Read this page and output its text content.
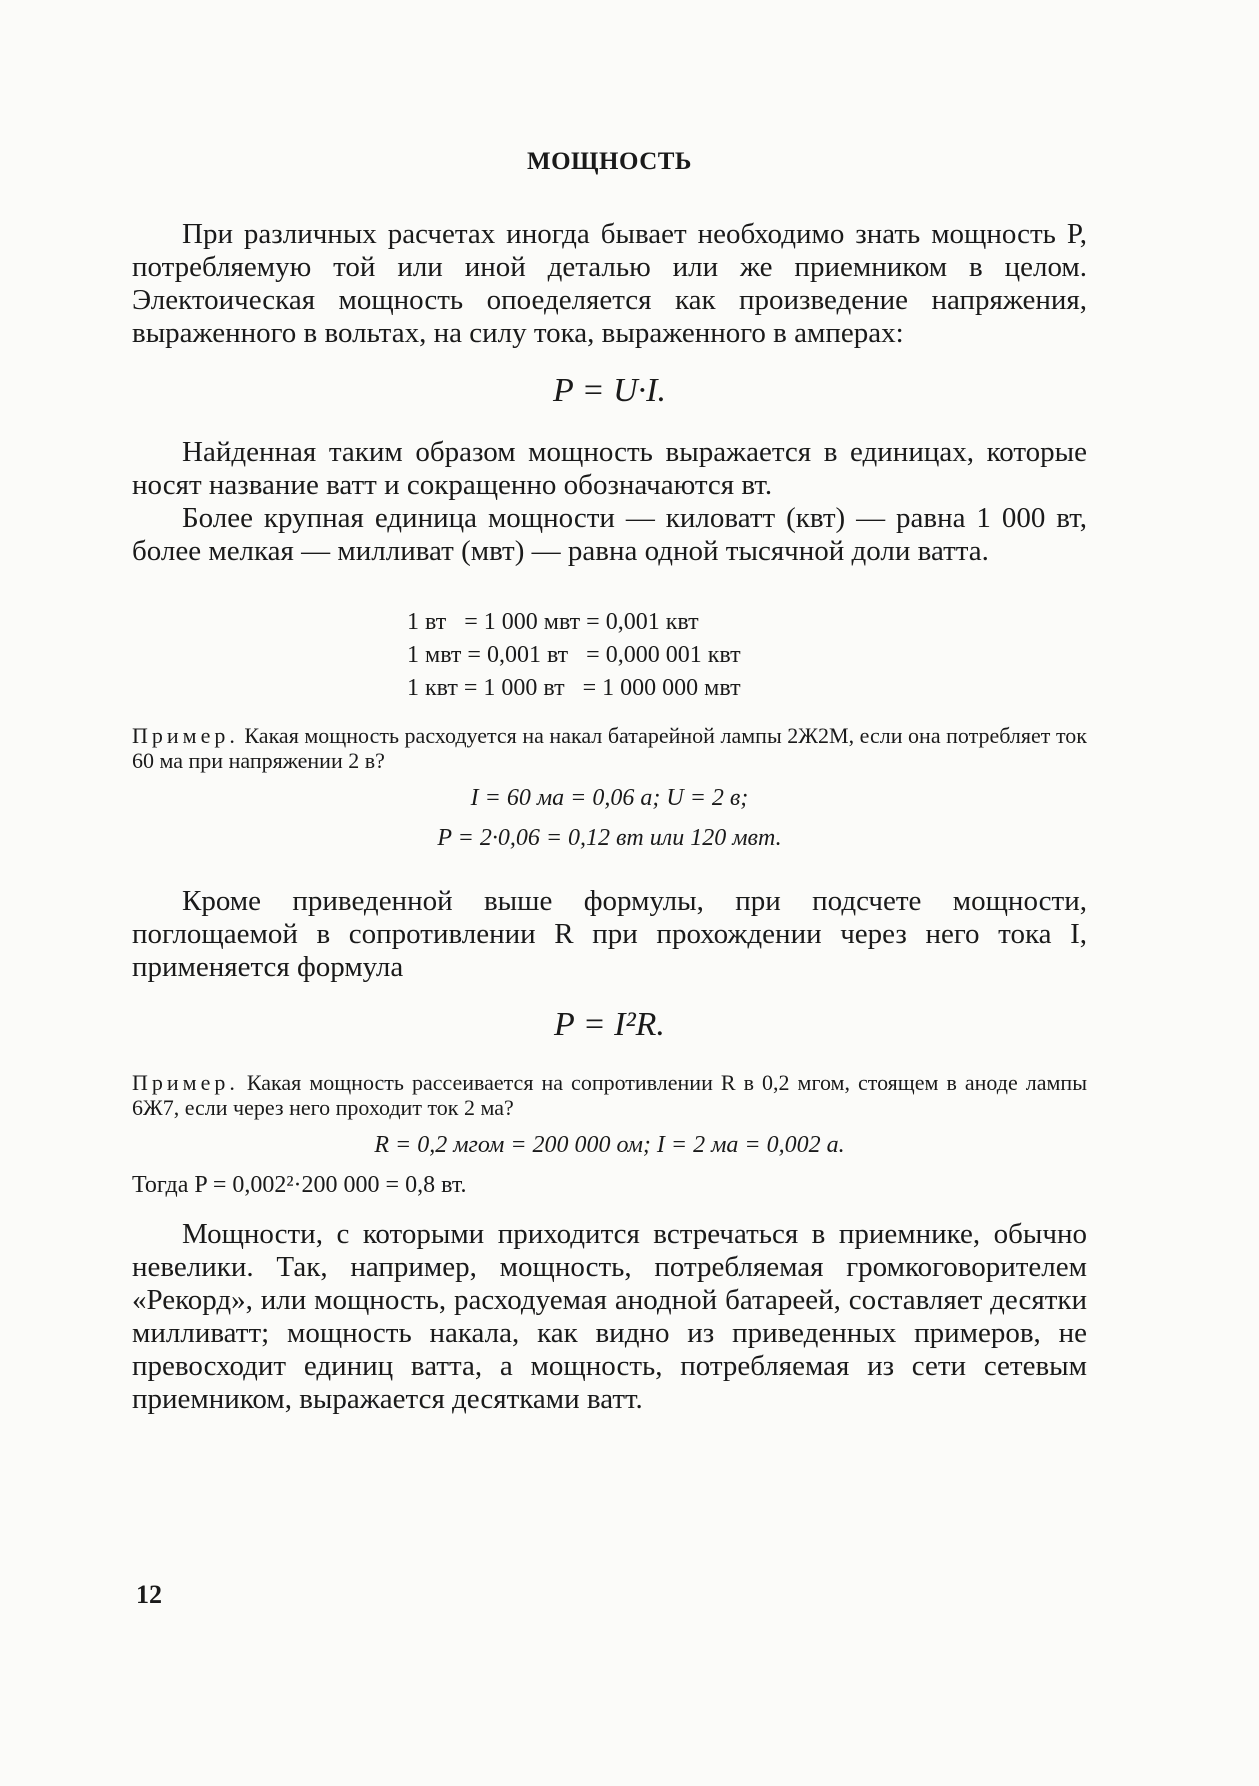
МОЩНОСТЬ

При различных расчетах иногда бывает необходимо знать мощность P, потребляемую той или иной деталью или же приемником в целом. Электоическая мощность опоеделяется как произведение напряжения, выраженного в вольтах, на силу тока, выраженного в амперах:

P = U·I.

Найденная таким образом мощность выражается в единицах, которые носят название ватт и сокращенно обозначаются вт.

Более крупная единица мощности — киловатт (квт) — равна 1 000 вт, более мелкая — милливат (мвт) — равна одной тысячной доли ватта.

1 вт   = 1 000 мвт = 0,001 квт
1 мвт = 0,001 вт   = 0,000 001 квт
1 квт = 1 000 вт   = 1 000 000 мвт

Пример. Какая мощность расходуется на накал батарейной лампы 2Ж2М, если она потребляет ток 60 ма при напряжении 2 в?

I = 60 ма = 0,06 а; U = 2 в;
P = 2·0,06 = 0,12 вт или 120 мвт.

Кроме приведенной выше формулы, при подсчете мощности, поглощаемой в сопротивлении R при прохождении через него тока I, применяется формула

P = I²R.

Пример. Какая мощность рассеивается на сопротивлении R в 0,2 мгом, стоящем в аноде лампы 6Ж7, если через него проходит ток 2 ма?

R = 0,2 мгом = 200 000 ом; I = 2 ма = 0,002 а.
Тогда P = 0,002²·200 000 = 0,8 вт.

Мощности, с которыми приходится встречаться в приемнике, обычно невелики. Так, например, мощность, потребляемая громкоговорителем «Рекорд», или мощность, расходуемая анодной батареей, составляет десятки милливатт; мощность накала, как видно из приведенных примеров, не превосходит единиц ватта, а мощность, потребляемая из сети сетевым приемником, выражается десятками ватт.

12
